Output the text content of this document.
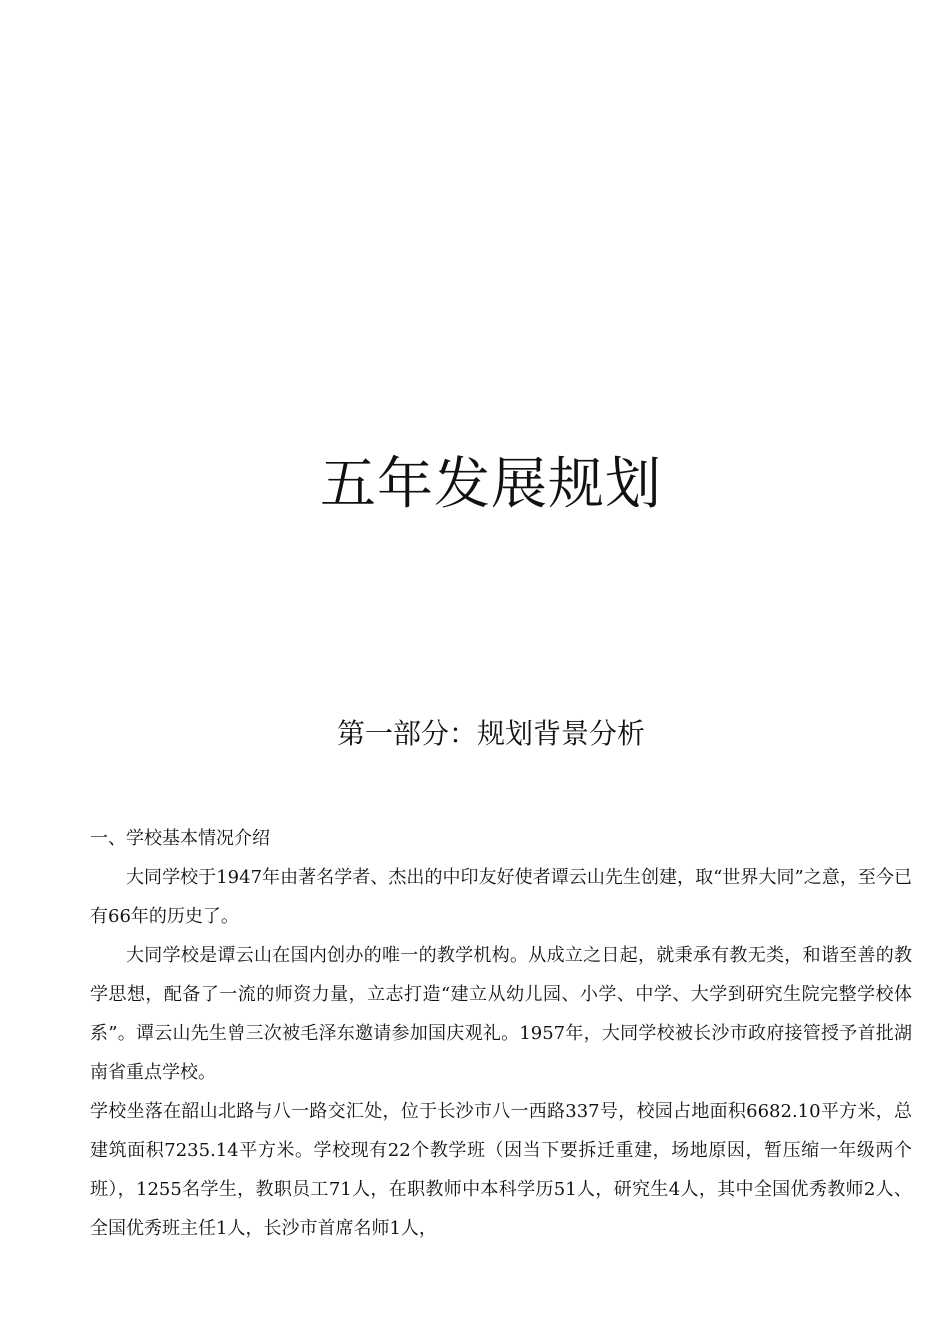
五年发展规划
第一部分：规划背景分析

一、学校基本情况介绍

大同学校于1947年由著名学者、杰出的中印友好使者谭云山先生创建，取“世界大同”之意，至今已有66年的历史了。

大同学校是谭云山在国内创办的唯一的教学机构。从成立之日起，就秉承有教无类，和谐至善的教学思想，配备了一流的师资力量，立志打造“建立从幼儿园、小学、中学、大学到研究生院完整学校体系”。谭云山先生曾三次被毛泽东邀请参加国庆观礼。1957年，大同学校被长沙市政府接管授予首批湖南省重点学校。

学校坐落在韶山北路与八一路交汇处，位于长沙市八一西路337号，校园占地面积6682.10平方米，总建筑面积7235.14平方米。学校现有22个教学班（因当下要拆迁重建，场地原因，暂压缩一年级两个班），1255名学生，教职员工71人，在职教师中本科学历51人，研究生4人，其中全国优秀教师2人、全国优秀班主任1人，长沙市首席名师1人，
